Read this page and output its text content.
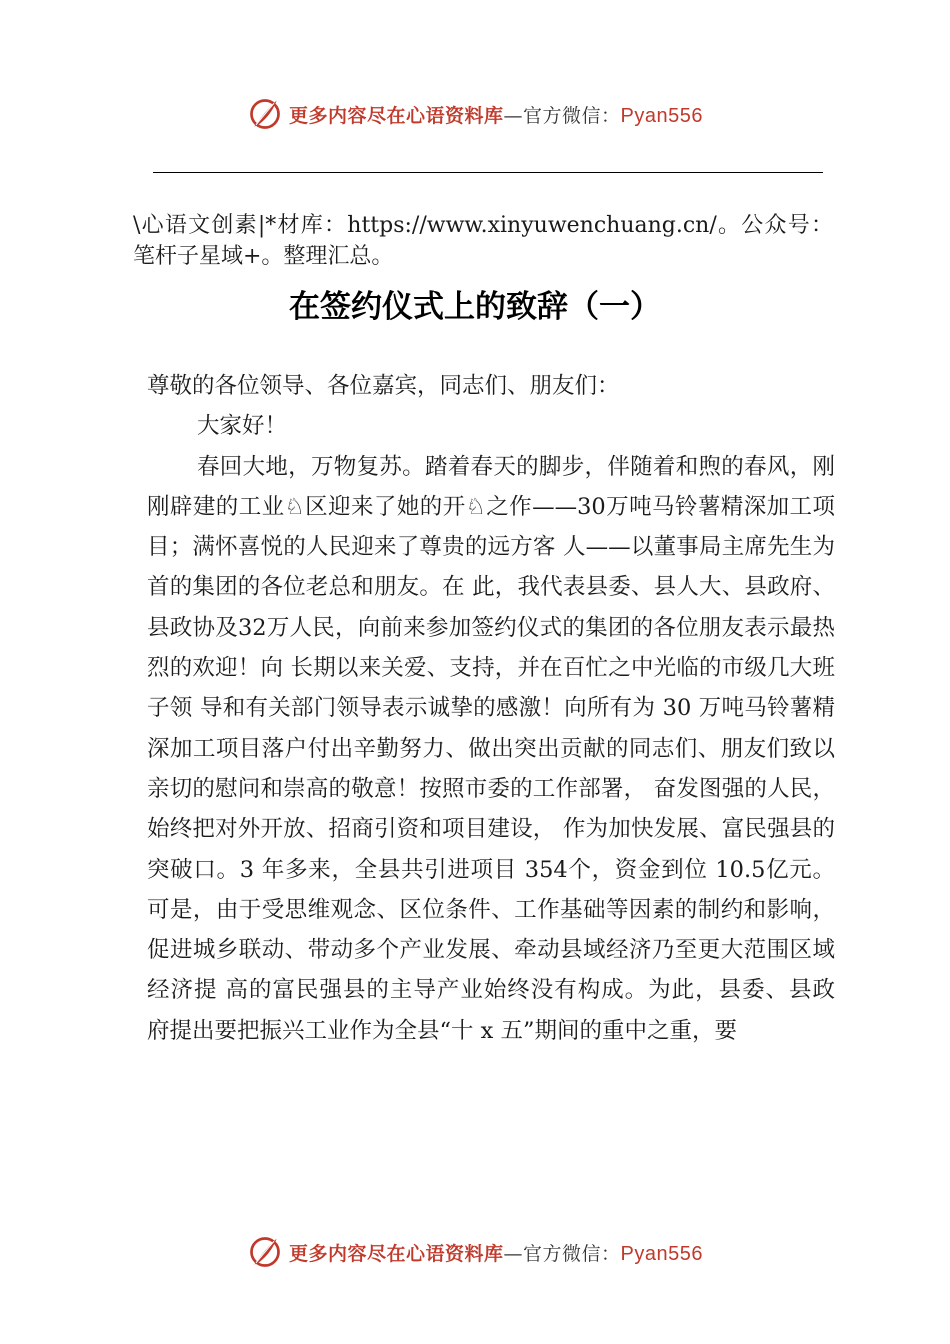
更多内容尽在心语资料库 — 官方微信： Pyan556
\心语文创素|*材库：https://www.xinyuwenchuang.cn/。公众号：笔杆子星域+。整理汇总。
在签约仪式上的致辞（一）

尊敬的各位领导、各位嘉宾，同志们、朋友们：

大家好！

春回大地，万物复苏。踏着春天的脚步，伴随着和煦的春风，刚刚辟建的工业♘区迎来了她的开♘之作——30万吨马铃薯精深加工项目；满怀喜悦的人民迎来了尊贵的远方客 人——以董事局主席先生为首的集团的各位老总和朋友。在 此，我代表县委、县人大、县政府、县政协及32万人民，向前来参加签约仪式的集团的各位朋友表示最热烈的欢迎！向 长期以来关爱、支持，并在百忙之中光临的市级几大班子领 导和有关部门领导表示诚挚的感激！向所有为 30 万吨马铃薯精深加工项目落户付出辛勤努力、做出突出贡献的同志们、朋友们致以亲切的慰问和崇高的敬意！按照市委的工作部署， 奋发图强的人民，始终把对外开放、招商引资和项目建设， 作为加快发展、富民强县的突破口。3 年多来，全县共引进项目 354个，资金到位 10.5亿元。可是，由于受思维观念、区位条件、工作基础等因素的制约和影响，促进城乡联动、带动多个产业发展、牵动县域经济乃至更大范围区域经济提 高的富民强县的主导产业始终没有构成。为此，县委、县政 府提出要把振兴工业作为全县“十 x 五”期间的重中之重，要

更多内容尽在心语资料库 — 官方微信： Pyan556
